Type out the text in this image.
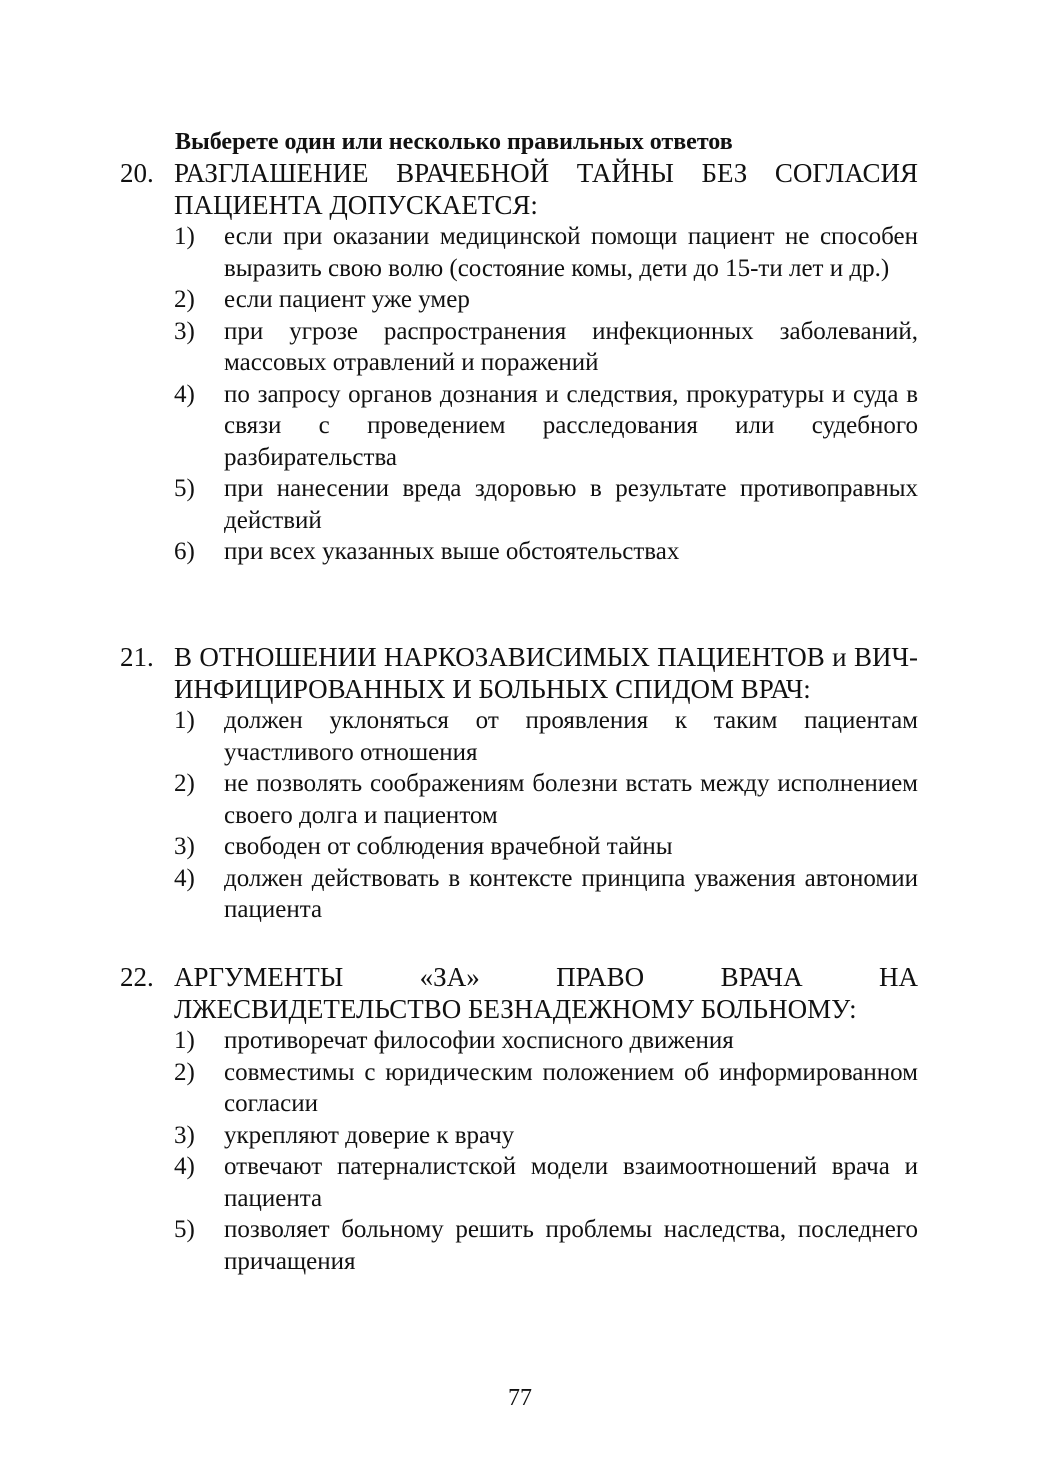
Выберете один или несколько правильных ответов
20. РАЗГЛАШЕНИЕ ВРАЧЕБНОЙ ТАЙНЫ БЕЗ СОГЛАСИЯ ПАЦИЕНТА ДОПУСКАЕТСЯ:
1)	если при оказании медицинской помощи пациент не способен выразить свою волю (состояние комы, дети до 15-ти лет и др.)
2)	если пациент уже умер
3)	при угрозе распространения инфекционных заболеваний, массовых отравлений и поражений
4)	по запросу органов дознания и следствия, прокуратуры и суда в связи с проведением расследования или судебного разбирательства
5)	при нанесении вреда здоровью в результате противоправных действий
6)	при всех указанных выше обстоятельствах
21. В ОТНОШЕНИИ НАРКОЗАВИСИМЫХ ПАЦИЕНТОВ и ВИЧ-ИНФИЦИРОВАННЫХ И БОЛЬНЫХ СПИДОМ ВРАЧ:
1)	должен уклоняться от проявления к таким пациентам участливого отношения
2)	не позволять соображениям болезни встать между исполнением своего долга и пациентом
3)	свободен от соблюдения врачебной тайны
4)	должен действовать в контексте принципа уважения автономии пациента
22. АРГУМЕНТЫ «ЗА» ПРАВО ВРАЧА НА ЛЖЕСВИДЕТЕЛЬСТВО БЕЗНАДЕЖНОМУ БОЛЬНОМУ:
1)	противоречат философии хосписного движения
2)	совместимы с юридическим положением об информированном согласии
3)	укрепляют доверие к врачу
4)	отвечают патерналистской модели взаимоотношений врача и пациента
5)	позволяет больному решить проблемы наследства, последнего причащения
77
